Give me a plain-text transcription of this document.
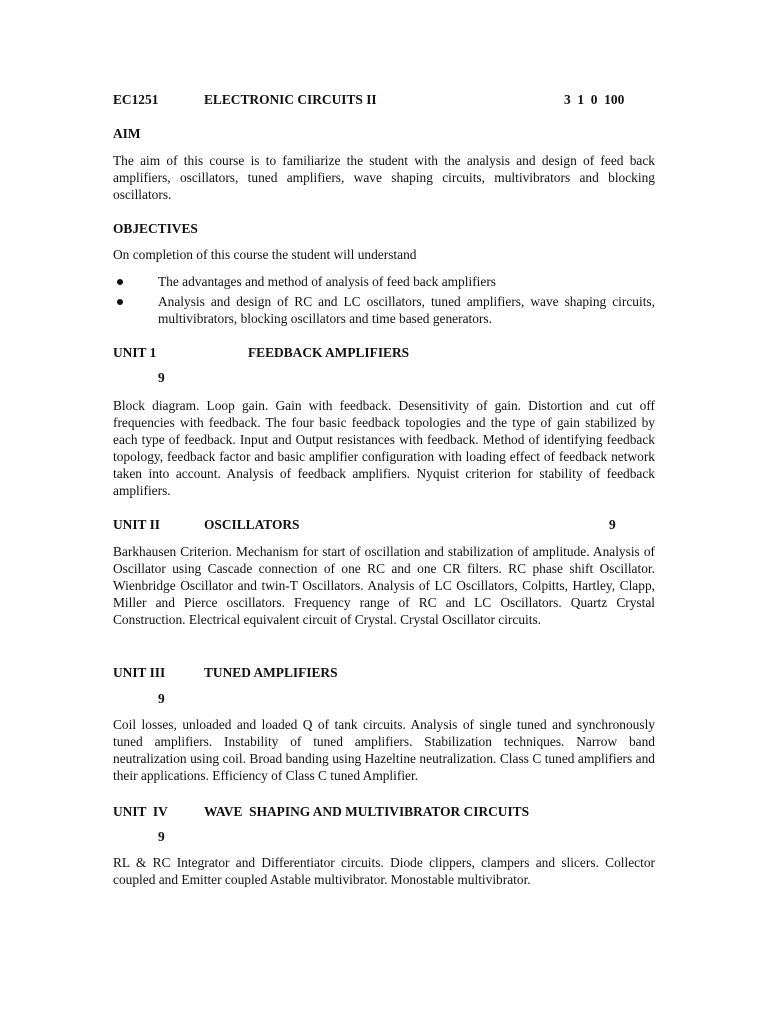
EC1251	ELECTRONIC CIRCUITS II	3  1  0  100
AIM
The aim of this course is to familiarize the student with the analysis and design of feed back amplifiers, oscillators, tuned amplifiers, wave shaping circuits, multivibrators and blocking oscillators.
OBJECTIVES
On completion of this course the student will understand
The advantages and method of analysis of feed back amplifiers
Analysis and design of RC and LC oscillators, tuned amplifiers, wave shaping circuits, multivibrators, blocking oscillators and time based generators.
UNIT 1	FEEDBACK AMPLIFIERS
9
Block diagram. Loop gain. Gain with feedback. Desensitivity of gain. Distortion and cut off frequencies with feedback. The four basic feedback topologies and the type of gain stabilized by each type of feedback. Input and Output resistances with feedback. Method of identifying feedback topology, feedback factor and basic amplifier configuration with loading effect of feedback network taken into account. Analysis of feedback amplifiers. Nyquist criterion for stability of feedback amplifiers.
UNIT II	OSCILLATORS	9
Barkhausen Criterion. Mechanism for start of oscillation and stabilization of amplitude. Analysis of Oscillator using Cascade connection of one RC and one CR filters. RC phase shift Oscillator. Wienbridge Oscillator and twin-T Oscillators. Analysis of LC Oscillators, Colpitts, Hartley, Clapp, Miller and Pierce oscillators. Frequency range of RC and LC Oscillators. Quartz Crystal Construction. Electrical equivalent circuit of Crystal. Crystal Oscillator circuits.
UNIT III	TUNED AMPLIFIERS
9
Coil losses, unloaded and loaded Q of tank circuits. Analysis of single tuned and synchronously tuned amplifiers. Instability of tuned amplifiers. Stabilization techniques. Narrow band neutralization using coil. Broad banding using Hazeltine neutralization. Class C tuned amplifiers and their applications. Efficiency of Class C tuned Amplifier.
UNIT  IV	WAVE  SHAPING AND MULTIVIBRATOR CIRCUITS
9
RL & RC Integrator and Differentiator circuits. Diode clippers, clampers and slicers. Collector coupled and Emitter coupled Astable multivibrator. Monostable multivibrator.
